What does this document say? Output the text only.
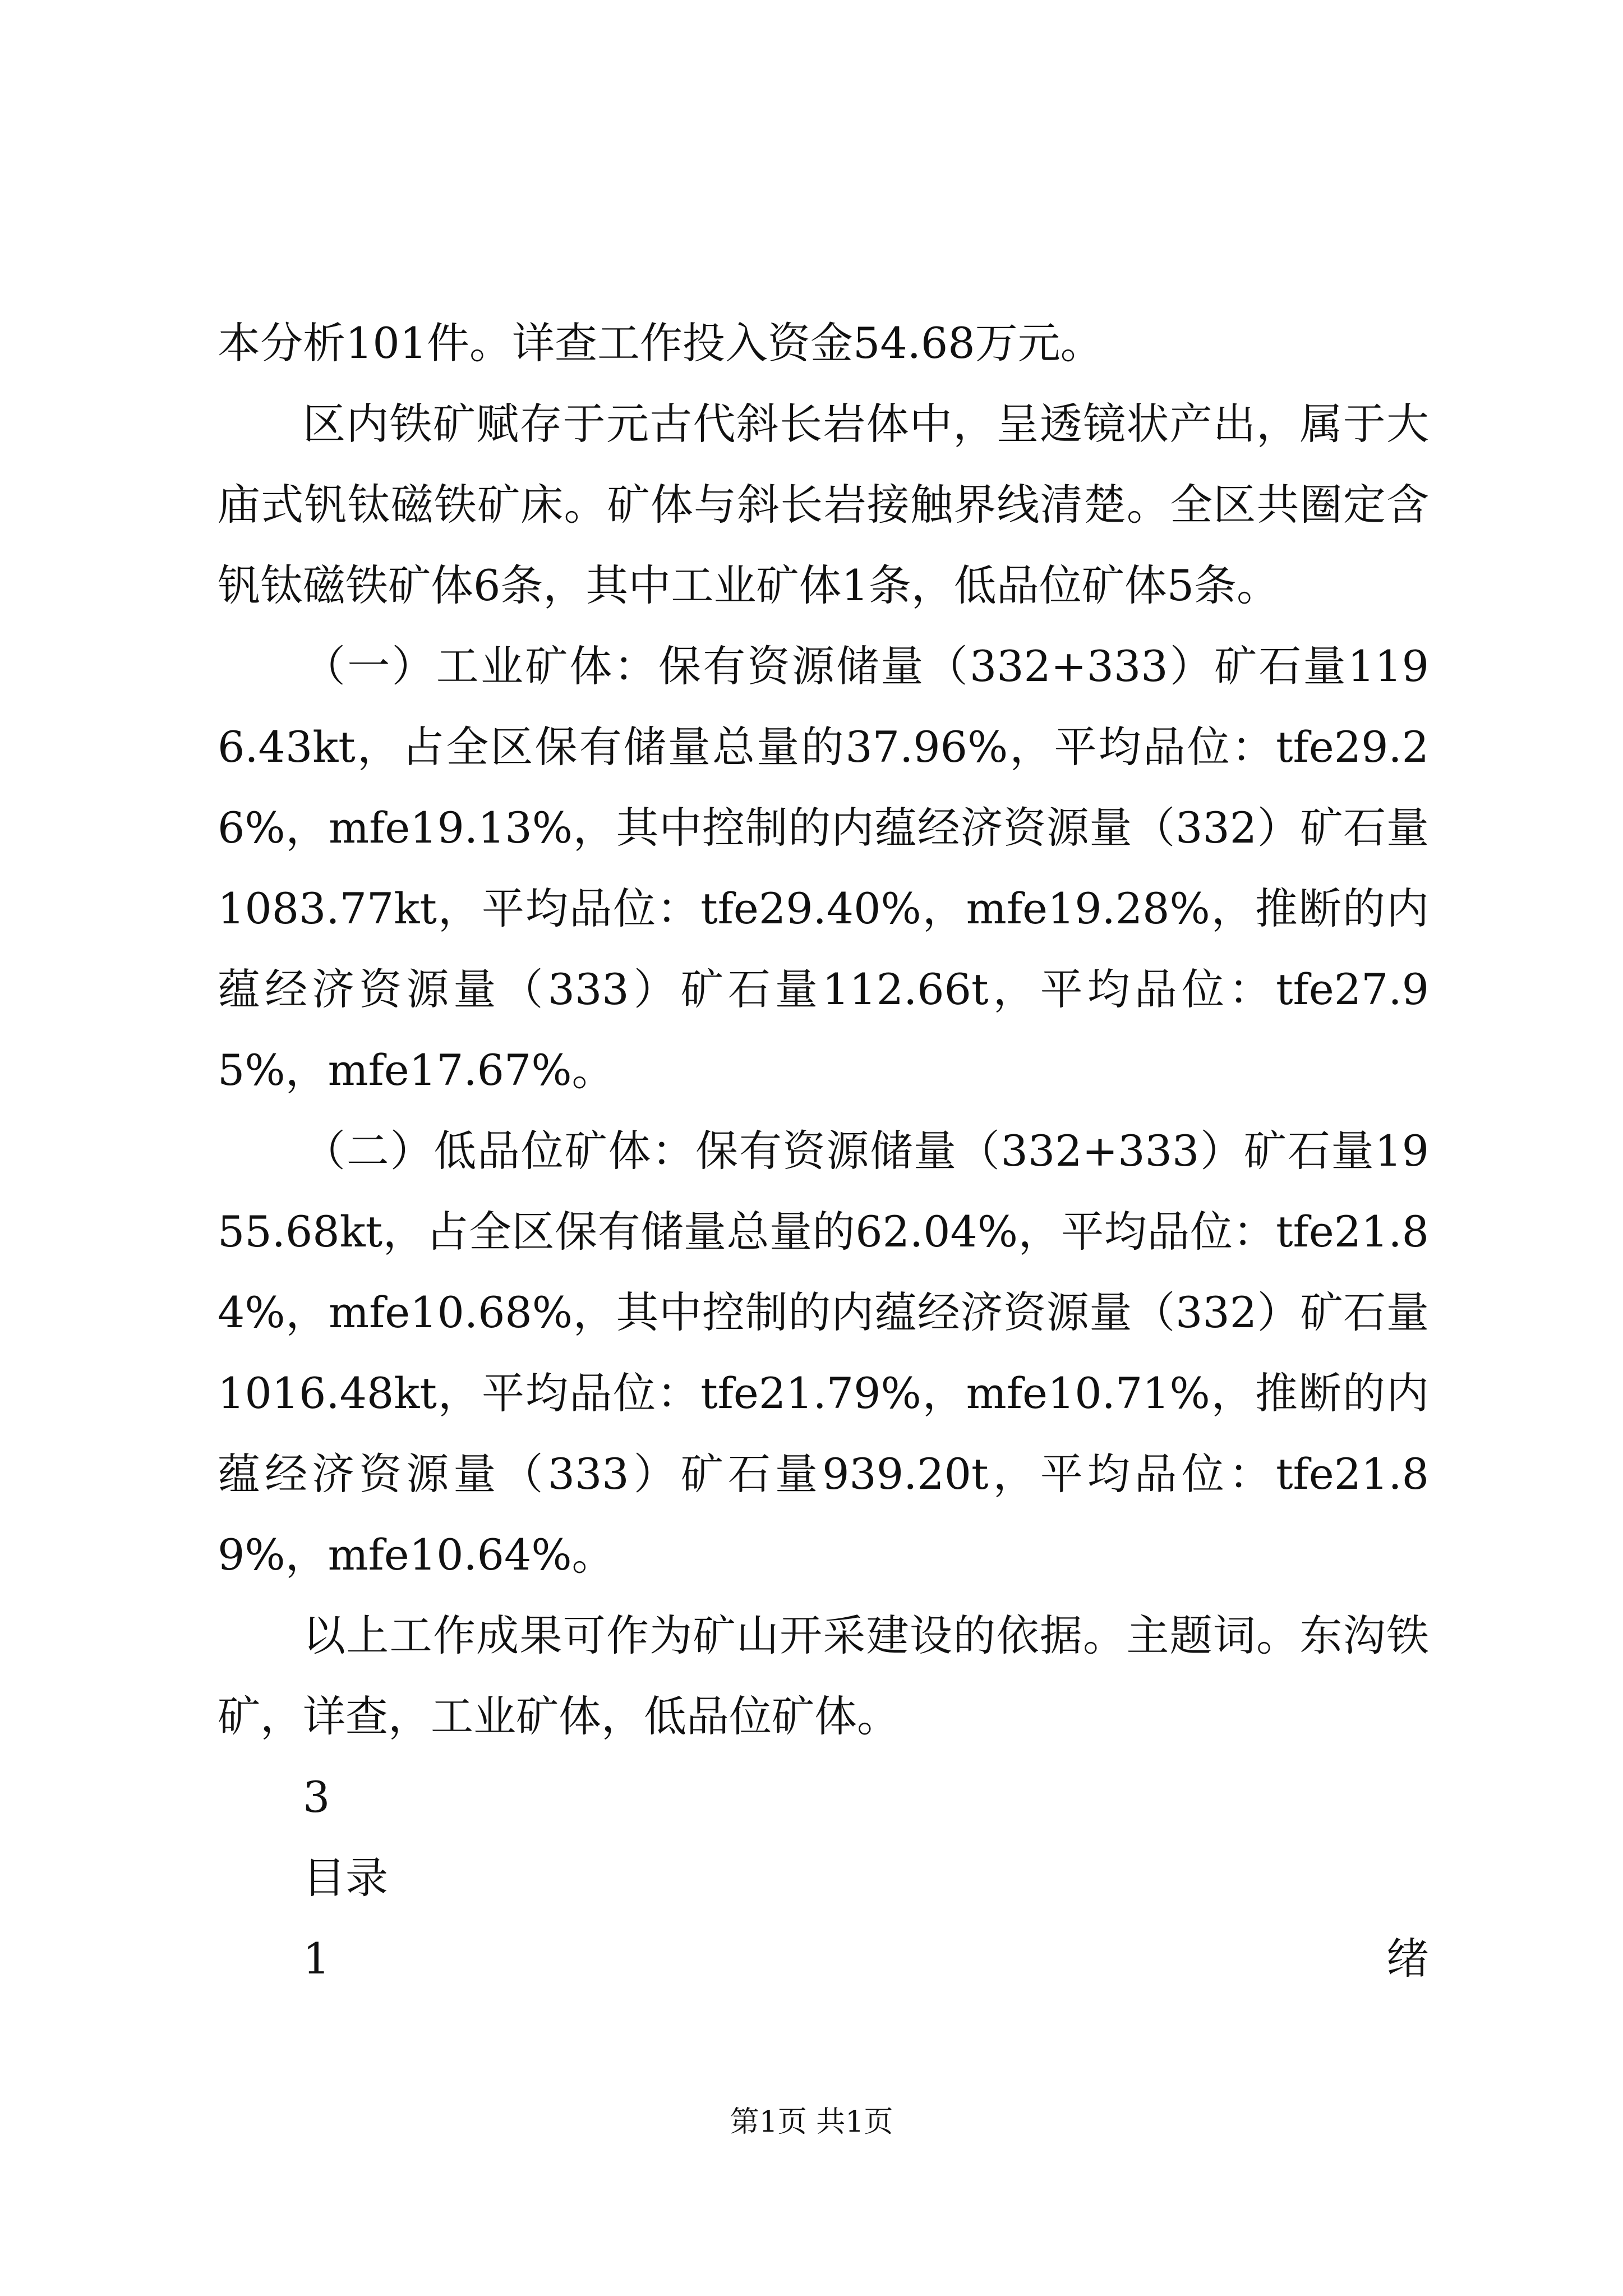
本分析101件。详查工作投入资金54.68万元。

区内铁矿赋存于元古代斜长岩体中，呈透镜状产出，属于大庙式钒钛磁铁矿床。矿体与斜长岩接触界线清楚。全区共圈定含钒钛磁铁矿体6条，其中工业矿体1条，低品位矿体5条。

（一）工业矿体：保有资源储量（332+333）矿石量1196.43kt，占全区保有储量总量的37.96%，平均品位：tfe29.26%，mfe19.13%，其中控制的内蕴经济资源量（332）矿石量1083.77kt，平均品位：tfe29.40%，mfe19.28%，推断的内蕴经济资源量（333）矿石量112.66t，平均品位：tfe27.95%，mfe17.67%。

（二）低品位矿体：保有资源储量（332+333）矿石量1955.68kt，占全区保有储量总量的62.04%，平均品位：tfe21.84%，mfe10.68%，其中控制的内蕴经济资源量（332）矿石量1016.48kt，平均品位：tfe21.79%，mfe10.71%，推断的内蕴经济资源量（333）矿石量939.20t，平均品位：tfe21.89%，mfe10.64%。

以上工作成果可作为矿山开采建设的依据。主题词。东沟铁矿，详查，工业矿体，低品位矿体。

3

目录

1	绪
第1页 共1页
